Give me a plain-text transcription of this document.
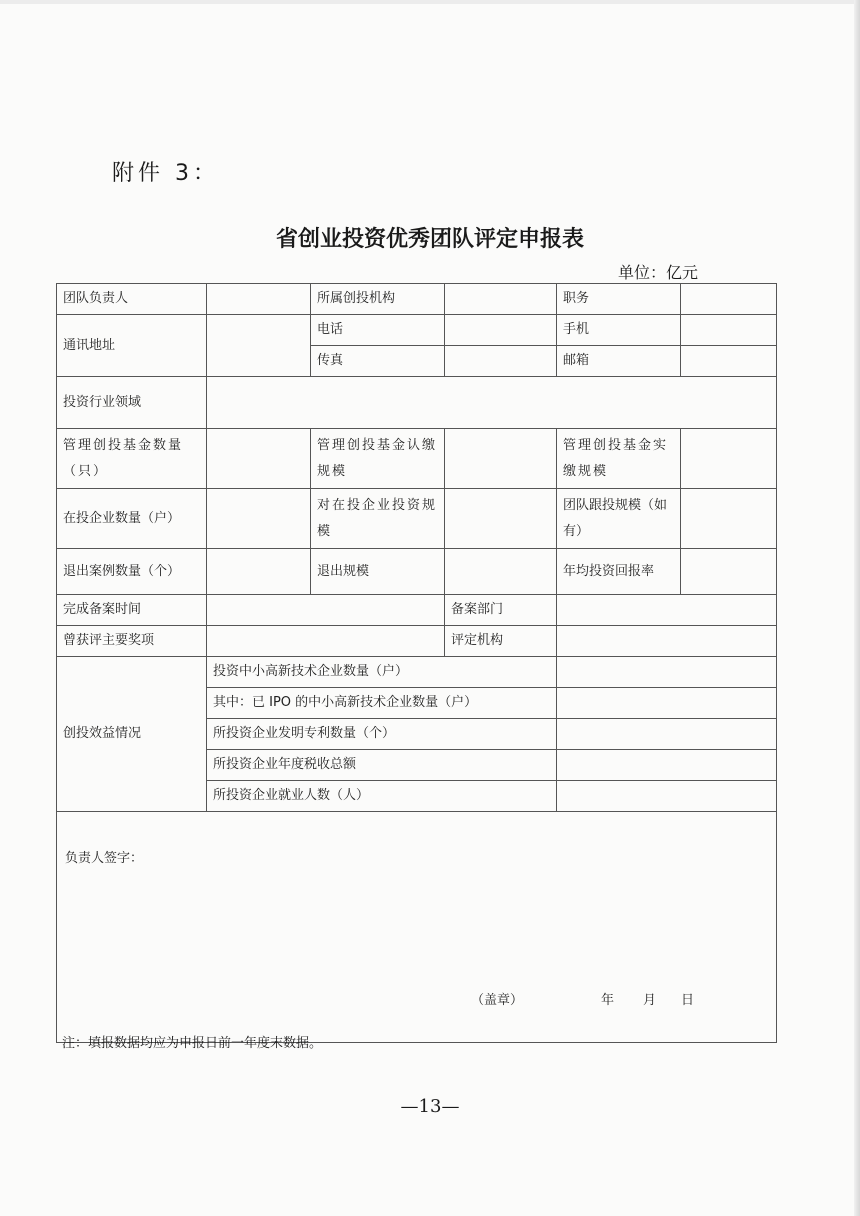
附件 3：
省创业投资优秀团队评定申报表
单位：亿元
团队负责人		所属创投机构		职务	
通讯地址		电话		手机	
		传真		邮箱	
投资行业领域					
管理创投基金数量（只）		管理创投基金认缴规模		管理创投基金实缴规模	
在投企业数量（户）		对在投企业投资规模		团队跟投规模（如有）	
退出案例数量（个）		退出规模		年均投资回报率	
完成备案时间			备案部门		
曾获评主要奖项			评定机构		
创投效益情况	投资中小高新技术企业数量（户）				
	其中：已 IPO 的中小高新技术企业数量（户）				
	所投资企业发明专利数量（个）				
	所投资企业年度税收总额				
	所投资企业就业人数（人）				

负责人签字：
（盖章） 年 月 日					
注：填报数据均应为申报日前一年度末数据。
—13—
